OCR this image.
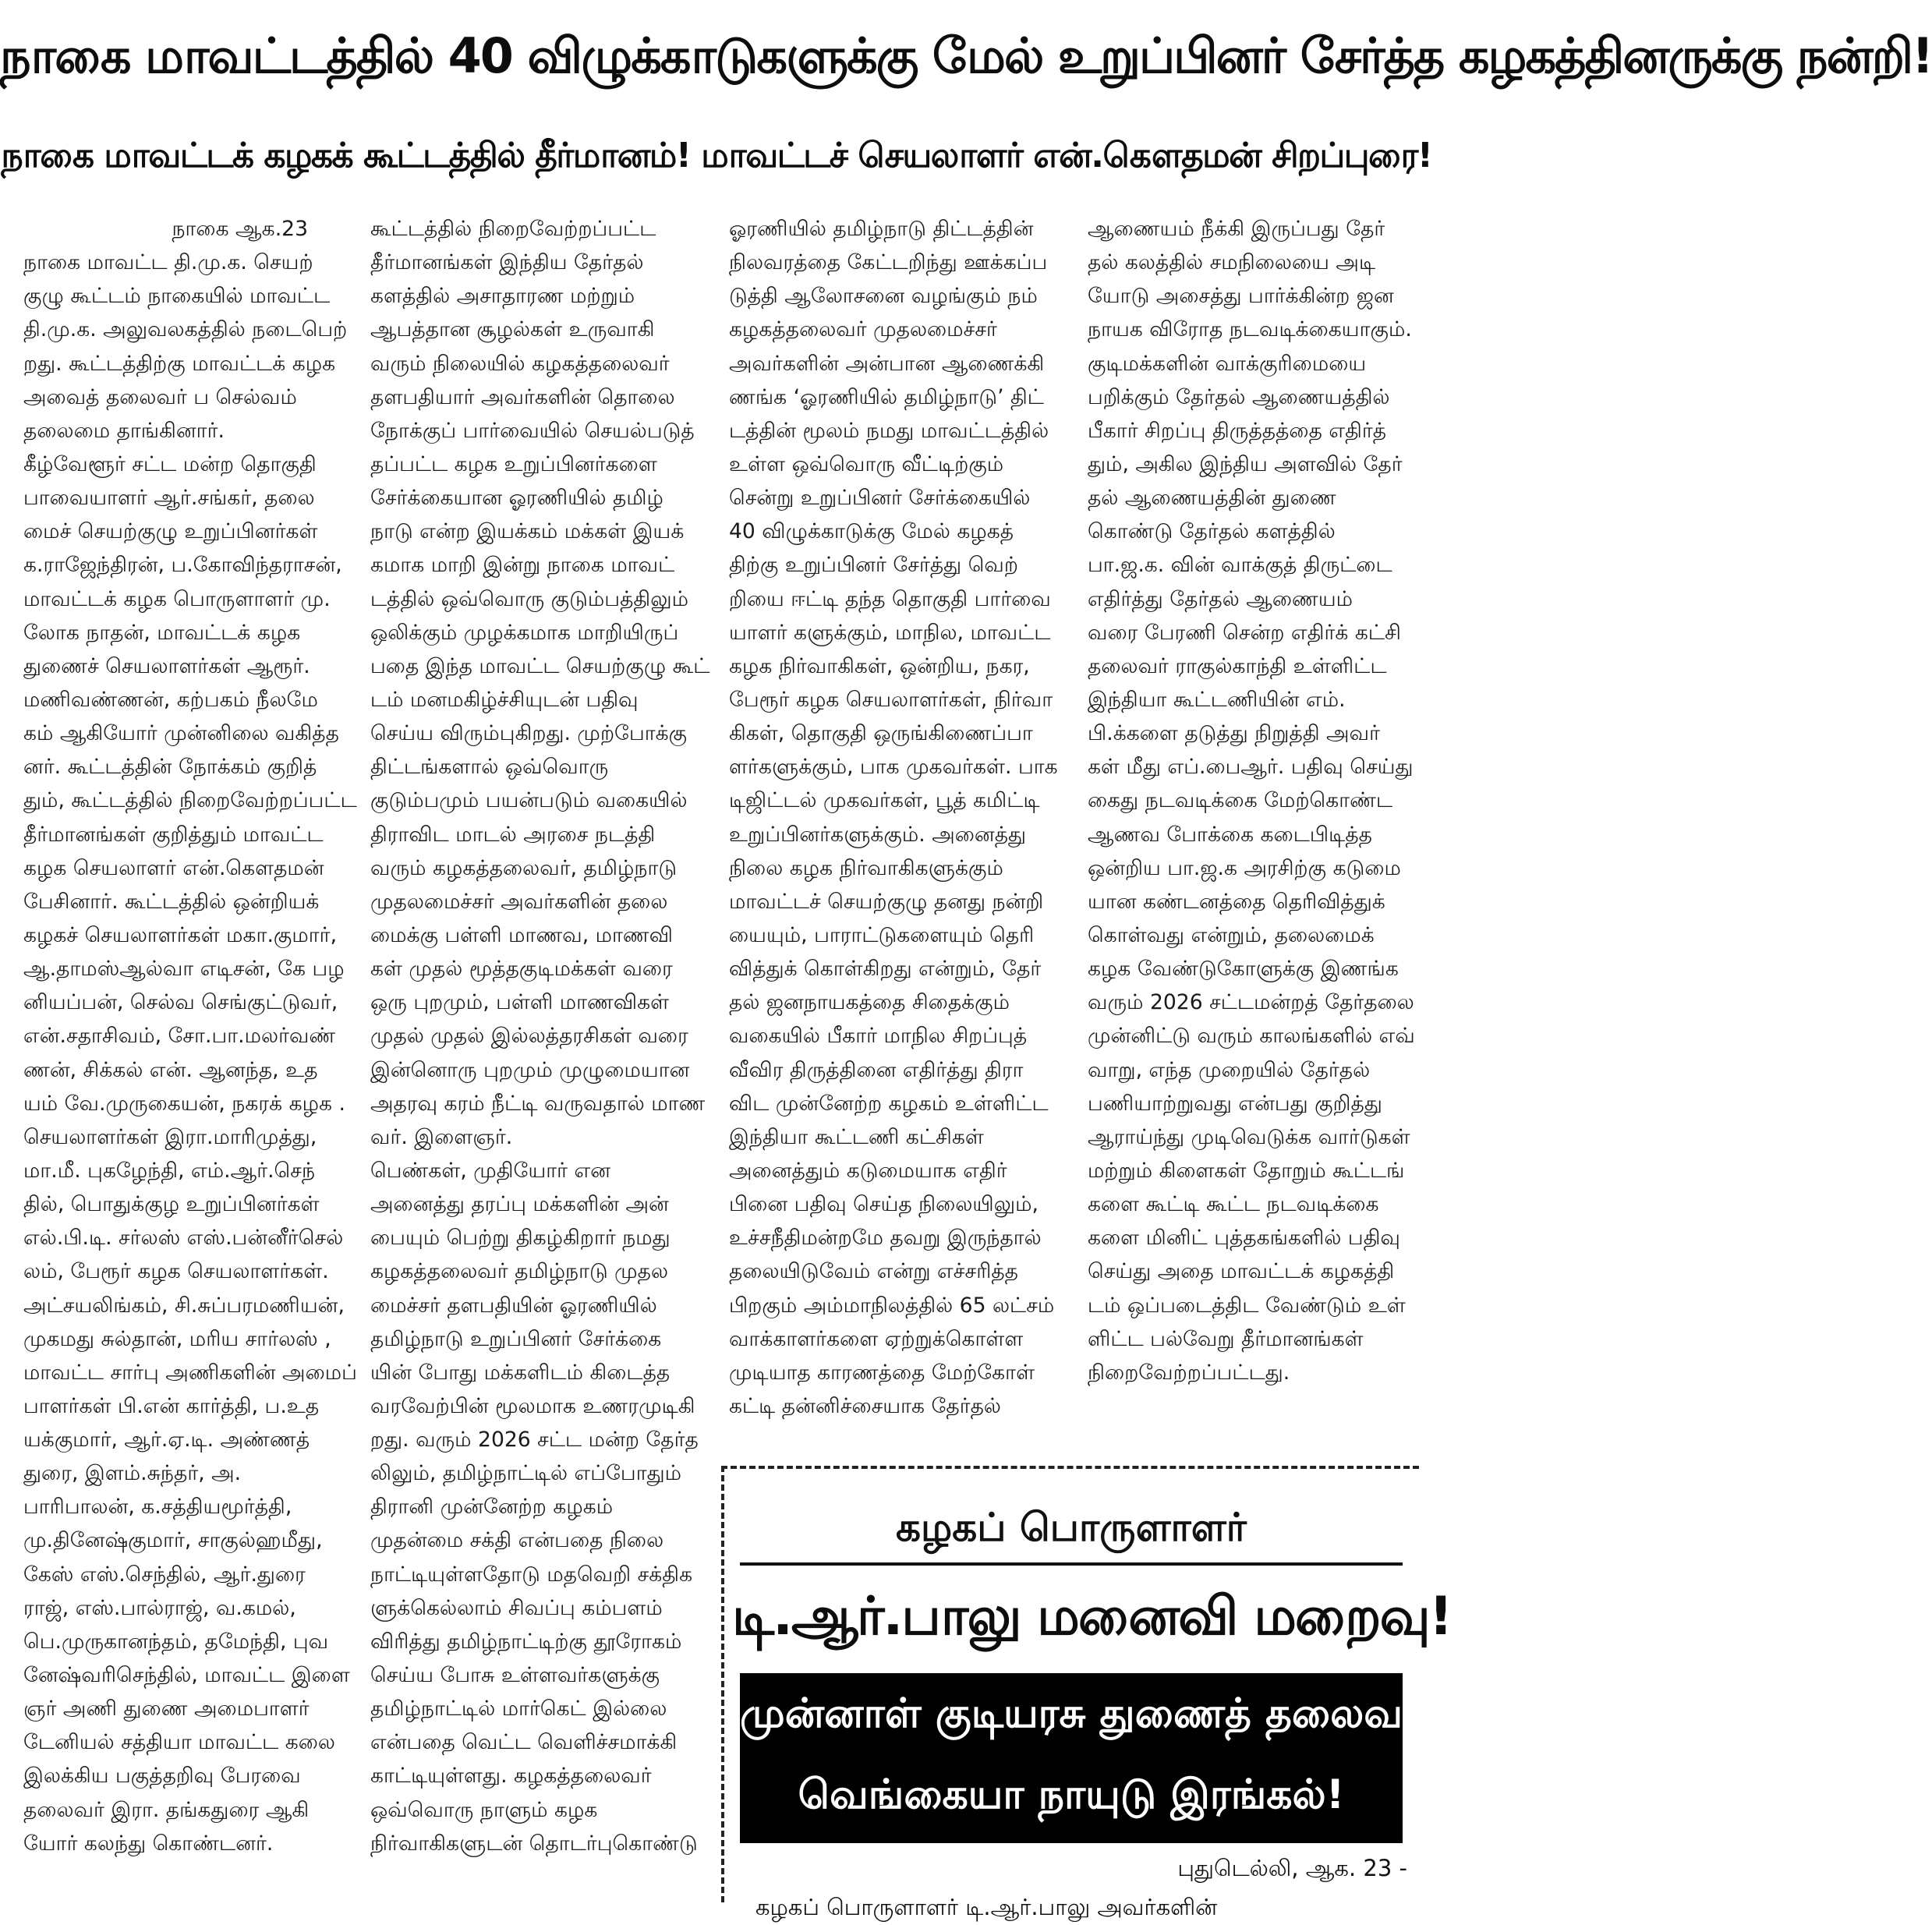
நாகை மாவட்டத்தில் 40 விழுக்காடுகளுக்கு மேல் உறுப்பினர் சேர்த்த கழகத்தினருக்கு நன்றி!
நாகை மாவட்டக் கழகக் கூட்டத்தில் தீர்மானம்! மாவட்டச் செயலாளர் என்.கௌதமன் சிறப்புரை!
நாகை ஆக.23
நாகை மாவட்ட தி.மு.க. செயற்
குழு கூட்டம் நாகையில் மாவட்ட
தி.மு.க. அலுவலகத்தில் நடைபெற்
றது. கூட்டத்திற்கு மாவட்டக் கழக
அவைத் தலைவர் ப செல்வம்
தலைமை தாங்கினார்.
கீழ்வேளூர் சட்ட மன்ற தொகுதி
பாவையாளர் ஆர்.சங்கர், தலை
மைச் செயற்குழு உறுப்பினர்கள்
க.ராஜேந்திரன், ப.கோவிந்தராசன்,
மாவட்டக் கழக பொருளாளர் மு.
லோக நாதன், மாவட்டக் கழக
துணைச் செயலாளர்கள் ஆரூர்.
மணிவண்ணன், கற்பகம் நீலமே
கம் ஆகியோர் முன்னிலை வகித்த
னர். கூட்டத்தின் நோக்கம் குறித்
தும், கூட்டத்தில் நிறைவேற்றப்பட்ட
தீர்மானங்கள் குறித்தும் மாவட்ட
கழக செயலாளர் என்.கௌதமன்
பேசினார். கூட்டத்தில் ஒன்றியக்
கழகச் செயலாளர்கள் மகா.குமார்,
ஆ.தாமஸ்ஆல்வா எடிசன், கே பழ
னியப்பன், செல்வ செங்குட்டுவர்,
என்.சதாசிவம், சோ.பா.மலர்வண்
ணன், சிக்கல் என். ஆனந்த, உத
யம் வே.முருகையன், நகரக் கழக .
செயலாளர்கள் இரா.மாரிமுத்து,
மா.மீ. புகழேந்தி, எம்.ஆர்.செந்
தில், பொதுக்குழ உறுப்பினர்கள்
எல்.பி.டி. சர்லஸ் எஸ்.பன்னீர்செல்
லம், பேரூர் கழக செயலாளர்கள்.
அட்சயலிங்கம், சி.சுப்பரமணியன்,
முகமது சுல்தான், மரிய சார்லஸ் ,
மாவட்ட சார்பு அணிகளின் அமைப்
பாளர்கள் பி.என் கார்த்தி, ப.உத
யக்குமார், ஆர்.ஏ.டி. அண்ணத்
துரை, இளம்.சுந்தர், அ.
பாரிபாலன், க.சத்தியமூர்த்தி,
மு.தினேஷ்குமார், சாகுல்ஹமீது,
கேஸ் எஸ்.செந்தில், ஆர்.துரை
ராஜ், எஸ்.பால்ராஜ், வ.கமல்,
பெ.முருகானந்தம், தமேந்தி, புவ
னேஷ்வரிசெந்தில், மாவட்ட இளை
ஞர் அணி துணை அமைபாளர்
டேனியல் சத்தியா மாவட்ட கலை
இலக்கிய பகுத்தறிவு பேரவை
தலைவர் இரா. தங்கதுரை ஆகி
யோர் கலந்து கொண்டனர்.
கூட்டத்தில் நிறைவேற்றப்பட்ட
தீர்மானங்கள் இந்திய தேர்தல்
களத்தில் அசாதாரண மற்றும்
ஆபத்தான சூழல்கள் உருவாகி
வரும் நிலையில் கழகத்தலைவர்
தளபதியார் அவர்களின் தொலை
நோக்குப் பார்வையில் செயல்படுத்
தப்பட்ட கழக உறுப்பினர்களை
சேர்க்கையான ஓரணியில் தமிழ்
நாடு என்ற இயக்கம் மக்கள் இயக்
கமாக மாறி இன்று நாகை மாவட்
டத்தில் ஒவ்வொரு குடும்பத்திலும்
ஒலிக்கும் முழக்கமாக மாறியிருப்
பதை இந்த மாவட்ட செயற்குழு கூட்
டம் மனமகிழ்ச்சியுடன் பதிவு
செய்ய விரும்புகிறது. முற்போக்கு
திட்டங்களால் ஒவ்வொரு
குடும்பமும் பயன்படும் வகையில்
திராவிட மாடல் அரசை நடத்தி
வரும் கழகத்தலைவர், தமிழ்நாடு
முதலமைச்சர் அவர்களின் தலை
மைக்கு பள்ளி மாணவ, மாணவி
கள் முதல் மூத்தகுடிமக்கள் வரை
ஒரு புறமும், பள்ளி மாணவிகள்
முதல் முதல் இல்லத்தரசிகள் வரை
இன்னொரு புறமும் முழுமையான
அதரவு கரம் நீட்டி வருவதால் மாண
வர். இளைஞர்.
பெண்கள், முதியோர் என
அனைத்து தரப்பு மக்களின் அன்
பையும் பெற்று திகழ்கிறார் நமது
கழகத்தலைவர் தமிழ்நாடு முதல
மைச்சர் தளபதியின் ஓரணியில்
தமிழ்நாடு உறுப்பினர் சேர்க்கை
யின் போது மக்களிடம் கிடைத்த
வரவேற்பின் மூலமாக உணரமுடிகி
றது. வரும் 2026 சட்ட மன்ற தேர்த
லிலும், தமிழ்நாட்டில் எப்போதும்
திரானி முன்னேற்ற கழகம்
முதன்மை சக்தி என்பதை நிலை
நாட்டியுள்ளதோடு மதவெறி சக்திக
ளுக்கெல்லாம் சிவப்பு கம்பளம்
விரித்து தமிழ்நாட்டிற்கு தூரோகம்
செய்ய போசு உள்ளவர்களுக்கு
தமிழ்நாட்டில் மார்கெட் இல்லை
என்பதை வெட்ட வெளிச்சமாக்கி
காட்டியுள்ளது. கழகத்தலைவர்
ஒவ்வொரு நாளும் கழக
நிர்வாகிகளுடன் தொடர்புகொண்டு
ஓரணியில் தமிழ்நாடு திட்டத்தின்
நிலவரத்தை கேட்டறிந்து ஊக்கப்ப
டுத்தி ஆலோசனை வழங்கும் நம்
கழகத்தலைவர் முதலமைச்சர்
அவர்களின் அன்பான ஆணைக்கி
ணங்க ‘ஓரணியில் தமிழ்நாடு’ திட்
டத்தின் மூலம் நமது மாவட்டத்தில்
உள்ள ஒவ்வொரு வீட்டிற்கும்
சென்று உறுப்பினர் சேர்க்கையில்
40 விழுக்காடுக்கு மேல் கழகத்
திற்கு உறுப்பினர் சேர்த்து வெற்
றியை ஈட்டி தந்த தொகுதி பார்வை
யாளர் களுக்கும், மாநில, மாவட்ட
கழக நிர்வாகிகள், ஒன்றிய, நகர,
பேரூர் கழக செயலாளர்கள், நிர்வா
கிகள், தொகுதி ஒருங்கிணைப்பா
ளர்களுக்கும், பாக முகவர்கள். பாக
டிஜிட்டல் முகவர்கள், பூத் கமிட்டி
உறுப்பினர்களுக்கும். அனைத்து
நிலை கழக நிர்வாகிகளுக்கும்
மாவட்டச் செயற்குழு தனது நன்றி
யையும், பாராட்டுகளையும் தெரி
வித்துக் கொள்கிறது என்றும், தேர்
தல் ஜனநாயகத்தை சிதைக்கும்
வகையில் பீகார் மாநில சிறப்புத்
வீவிர திருத்தினை எதிர்த்து திரா
விட முன்னேற்ற கழகம் உள்ளிட்ட
இந்தியா கூட்டணி கட்சிகள்
அனைத்தும் கடுமையாக எதிர்
பினை பதிவு செய்த நிலையிலும்,
உச்சநீதிமன்றமே தவறு இருந்தால்
தலையிடுவேம் என்று எச்சரித்த
பிறகும் அம்மாநிலத்தில் 65 லட்சம்
வாக்காளர்களை ஏற்றுக்கொள்ள
முடியாத காரணத்தை மேற்கோள்
கட்டி தன்னிச்சையாக தேர்தல்
ஆணையம் நீக்கி இருப்பது தேர்
தல் கலத்தில் சமநிலையை அடி
யோடு அசைத்து பார்க்கின்ற ஜன
நாயக விரோத நடவடிக்கையாகும்.
குடிமக்களின் வாக்குரிமையை
பறிக்கும் தேர்தல் ஆணையத்தில்
பீகார் சிறப்பு திருத்தத்தை எதிர்த்
தும், அகில இந்திய அளவில் தேர்
தல் ஆணையத்தின் துணை
கொண்டு தேர்தல் களத்தில்
பா.ஜ.க. வின் வாக்குத் திருட்டை
எதிர்த்து தேர்தல் ஆணையம்
வரை பேரணி சென்ற எதிர்க் கட்சி
தலைவர் ராகுல்காந்தி உள்ளிட்ட
இந்தியா கூட்டணியின் எம்.
பி.க்களை தடுத்து நிறுத்தி அவர்
கள் மீது எப்.பைஆர். பதிவு செய்து
கைது நடவடிக்கை மேற்கொண்ட
ஆணவ போக்கை கடைபிடித்த
ஒன்றிய பா.ஜ.க அரசிற்கு கடுமை
யான கண்டனத்தை தெரிவித்துக்
கொள்வது என்றும், தலைமைக்
கழக வேண்டுகோளுக்கு இணங்க
வரும் 2026 சட்டமன்றத் தேர்தலை
முன்னிட்டு வரும் காலங்களில் எவ்
வாறு, எந்த முறையில் தேர்தல்
பணியாற்றுவது என்பது குறித்து
ஆராய்ந்து முடிவெடுக்க வார்டுகள்
மற்றும் கிளைகள் தோறும் கூட்டங்
களை கூட்டி கூட்ட நடவடிக்கை
களை மினிட் புத்தகங்களில் பதிவு
செய்து அதை மாவட்டக் கழகத்தி
டம் ஒப்படைத்திட வேண்டும் உள்
ளிட்ட பல்வேறு தீர்மானங்கள்
நிறைவேற்றப்பட்டது.
கழகப் பொருளாளர்
டி.ஆர்.பாலு மனைவி மறைவு!
முன்னாள் குடியரசு துணைத் தலைவர்
வெங்கையா நாயுடு இரங்கல்!
புதுடெல்லி, ஆக. 23 -
கழகப் பொருளாளர் டி.ஆர்.பாலு அவர்களின்
